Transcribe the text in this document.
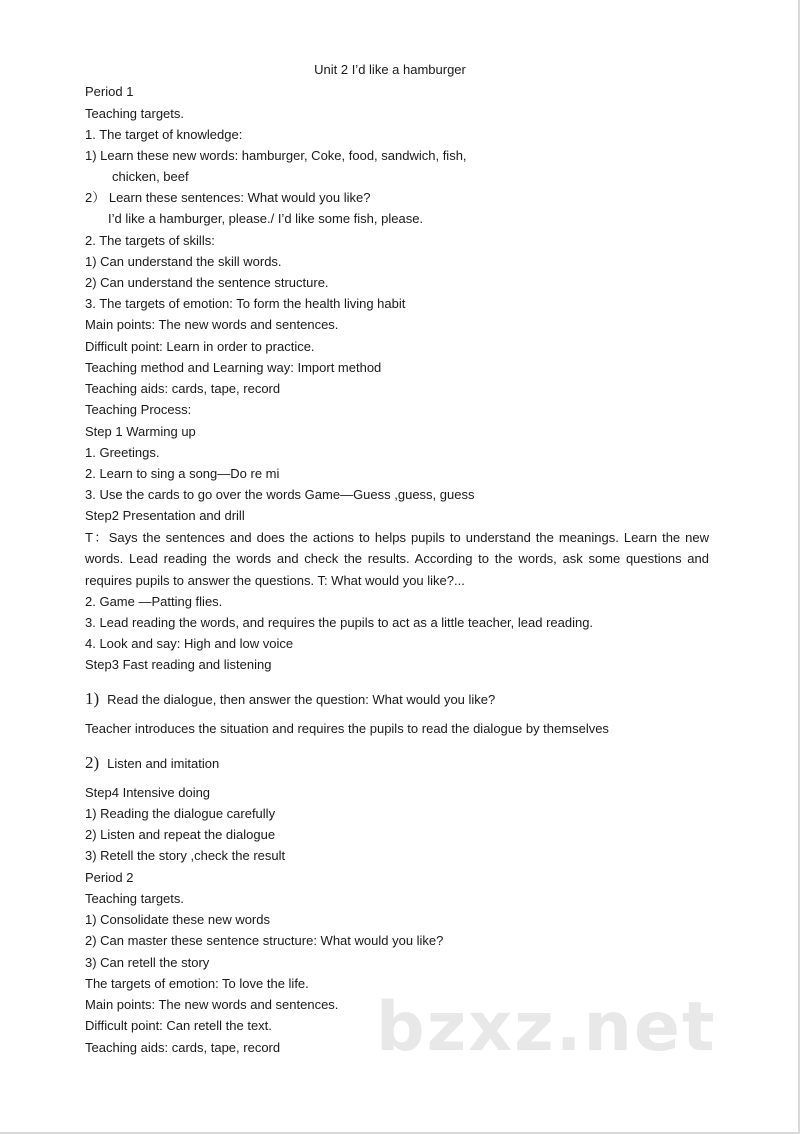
Unit 2 I’d like a hamburger
Period 1
Teaching targets.
1. The target of knowledge:
1) Learn these new words: hamburger, Coke, food, sandwich, fish,
chicken, beef
2） Learn these sentences: What would you like?
I’d like a hamburger, please./ I’d like some fish, please.
2. The targets of skills:
1) Can understand the skill words.
2) Can understand the sentence structure.
3. The targets of emotion: To form the health living habit
Main points: The new words and sentences.
Difficult point: Learn in order to practice.
Teaching method and Learning way: Import method
Teaching aids: cards, tape, record
Teaching Process:
Step 1 Warming up
1. Greetings.
2. Learn to sing a song—Do re mi
3. Use the cards to go over the words Game—Guess ,guess, guess
Step2 Presentation and drill
T：Says the sentences and does the actions to helps pupils to understand the meanings. Learn the new words. Lead reading the words and check the results. According to the words, ask some questions and requires pupils to answer the questions. T: What would you like?...
2. Game —Patting flies.
3. Lead reading the words, and requires the pupils to act as a little teacher, lead reading.
4. Look and say: High and low voice
Step3 Fast reading and listening
1) Read the dialogue, then answer the question: What would you like?
Teacher introduces the situation and requires the pupils to read the dialogue by themselves
2) Listen and imitation
Step4 Intensive doing
1) Reading the dialogue carefully
2) Listen and repeat the dialogue
3) Retell the story ,check the result
Period 2
Teaching targets.
1) Consolidate these new words
2) Can master these sentence structure: What would you like?
3) Can retell the story
The targets of emotion: To love the life.
Main points: The new words and sentences.
Difficult point: Can retell the text.
Teaching aids: cards, tape, record bzxz.net
